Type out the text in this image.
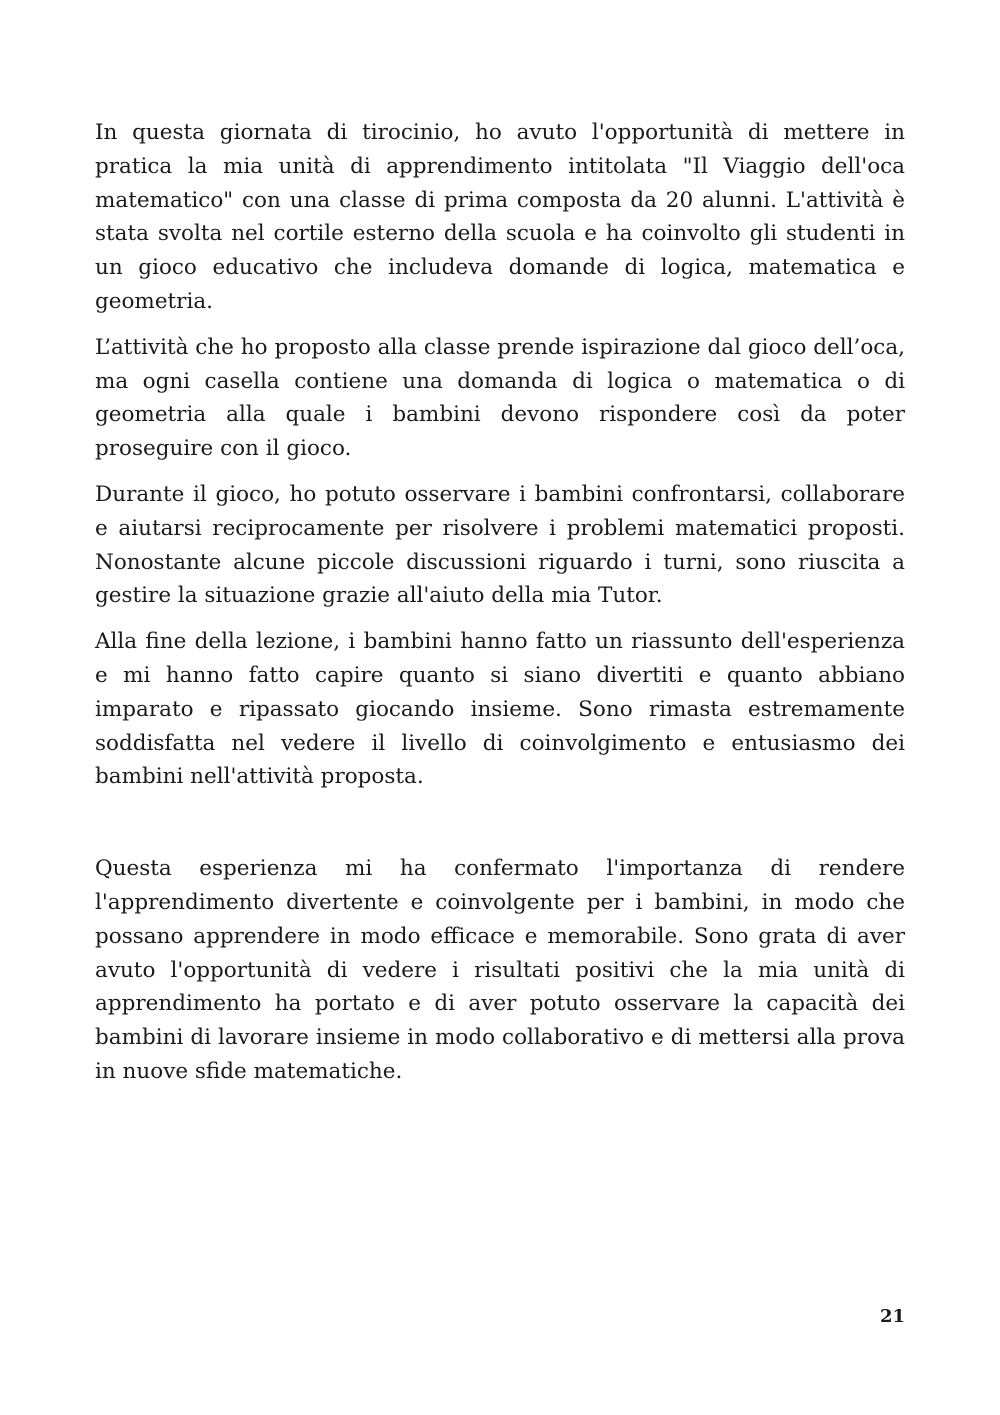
In questa giornata di tirocinio, ho avuto l'opportunità di mettere in pratica la mia unità di apprendimento intitolata "Il Viaggio dell'oca matematico" con una classe di prima composta da 20 alunni. L'attività è stata svolta nel cortile esterno della scuola e ha coinvolto gli studenti in un gioco educativo che includeva domande di logica, matematica e geometria.

L’attività che ho proposto alla classe prende ispirazione dal gioco dell’oca, ma ogni casella contiene una domanda di logica o matematica o di geometria alla quale i bambini devono rispondere così da poter proseguire con il gioco.

Durante il gioco, ho potuto osservare i bambini confrontarsi, collaborare e aiutarsi reciprocamente per risolvere i problemi matematici proposti. Nonostante alcune piccole discussioni riguardo i turni, sono riuscita a gestire la situazione grazie all'aiuto della mia Tutor.

Alla fine della lezione, i bambini hanno fatto un riassunto dell'esperienza e mi hanno fatto capire quanto si siano divertiti e quanto abbiano imparato e ripassato giocando insieme. Sono rimasta estremamente soddisfatta nel vedere il livello di coinvolgimento e entusiasmo dei bambini nell'attività proposta.

Questa esperienza mi ha confermato l'importanza di rendere l'apprendimento divertente e coinvolgente per i bambini, in modo che possano apprendere in modo efficace e memorabile. Sono grata di aver avuto l'opportunità di vedere i risultati positivi che la mia unità di apprendimento ha portato e di aver potuto osservare la capacità dei bambini di lavorare insieme in modo collaborativo e di mettersi alla prova in nuove sfide matematiche.

21
